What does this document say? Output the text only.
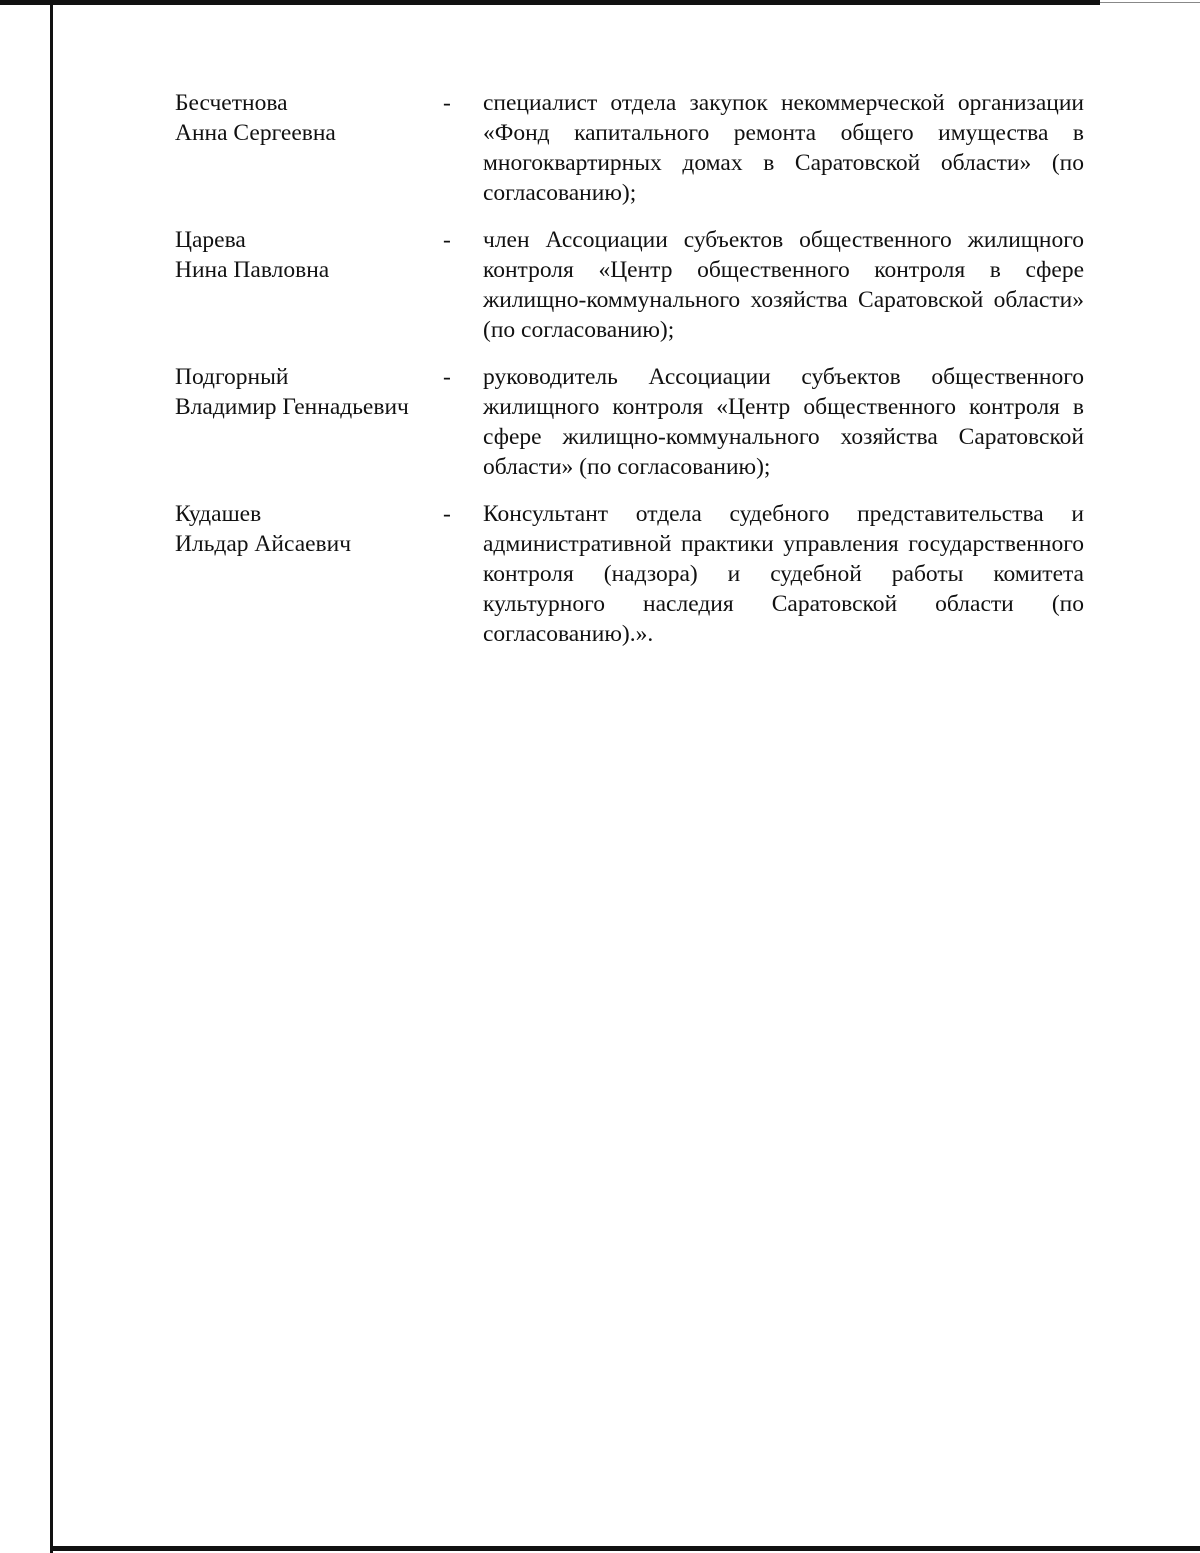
Бесчетнова
Анна Сергеевна
-	специалист отдела закупок некоммерческой организации «Фонд капитального ремонта общего имущества в многоквартирных домах в Саратовской области» (по согласованию);
Царева
Нина Павловна
-	член Ассоциации субъектов общественного жилищного контроля «Центр общественного контроля в сфере жилищно-коммунального хозяйства Саратовской области» (по согласованию);
Подгорный
Владимир Геннадьевич
-	руководитель Ассоциации субъектов общественного жилищного контроля «Центр общественного контроля в сфере жилищно-коммунального хозяйства Саратовской области» (по согласованию);
Кудашев
Ильдар Айсаевич
-	Консультант отдела судебного представительства и административной практики управления государственного контроля (надзора) и судебной работы комитета культурного наследия Саратовской области (по согласованию).».
